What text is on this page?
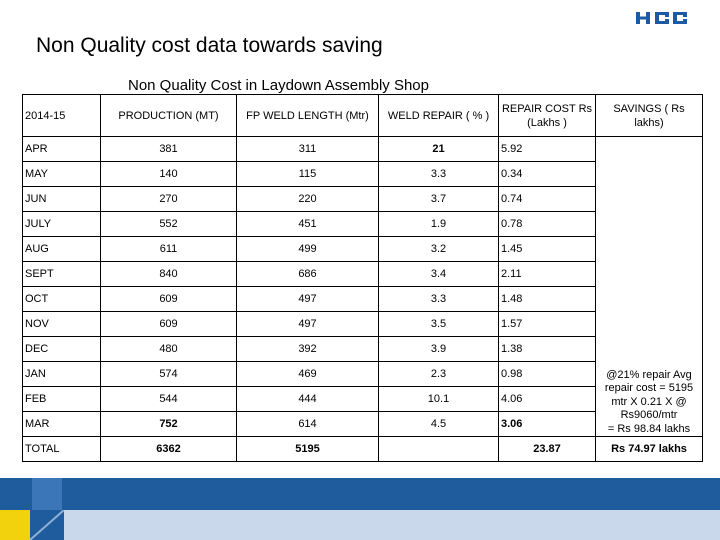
HCC
Non Quality cost data towards saving
Non Quality Cost in Laydown Assembly Shop
2014-15	PRODUCTION (MT)	FP WELD LENGTH (Mtr)	WELD REPAIR ( % )	REPAIR COST Rs (Lakhs )	SAVINGS ( Rs lakhs)
APR	381	311	21	5.92	@21% repair Avg
repair cost = 5195
mtr X 0.21 X @
Rs9060/mtr
= Rs 98.84 lakhs

MAY	140	115	3.3	0.34	
JUN	270	220	3.7	0.74	
JULY	552	451	1.9	0.78	
AUG	611	499	3.2	1.45	
SEPT	840	686	3.4	2.11	
OCT	609	497	3.3	1.48	
NOV	609	497	3.5	1.57	
DEC	480	392	3.9	1.38	
JAN	574	469	2.3	0.98	
FEB	544	444	10.1	4.06	
MAR	752	614	4.5	3.06	
TOTAL	6362	5195		23.87	Rs 74.97 lakhs
